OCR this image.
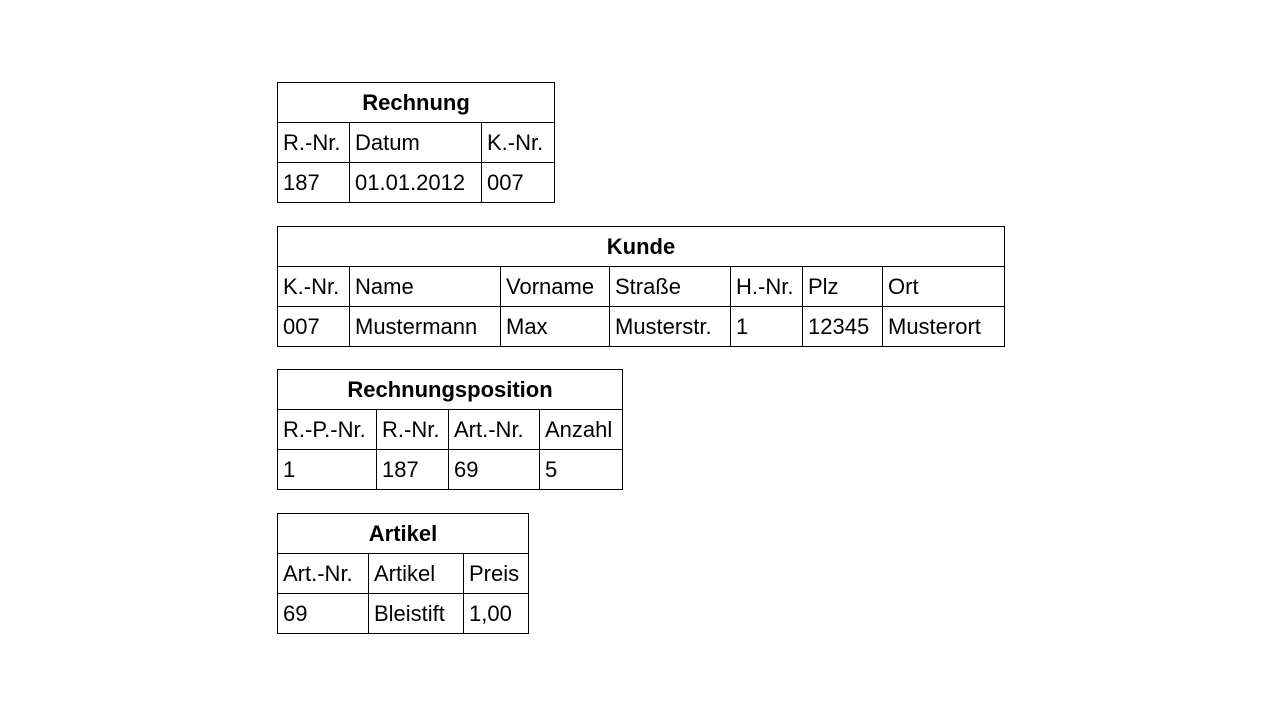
Rechnung		
R.-Nr.	Datum	K.-Nr.
187	01.01.2012	007
Kunde						
K.-Nr.	Name	Vorname	Straße	H.-Nr.	Plz	Ort
007	Mustermann	Max	Musterstr.	1	12345	Musterort
Rechnungsposition			
R.-P.-Nr.	R.-Nr.	Art.-Nr.	Anzahl
1	187	69	5
Artikel		
Art.-Nr.	Artikel	Preis
69	Bleistift	1,00
